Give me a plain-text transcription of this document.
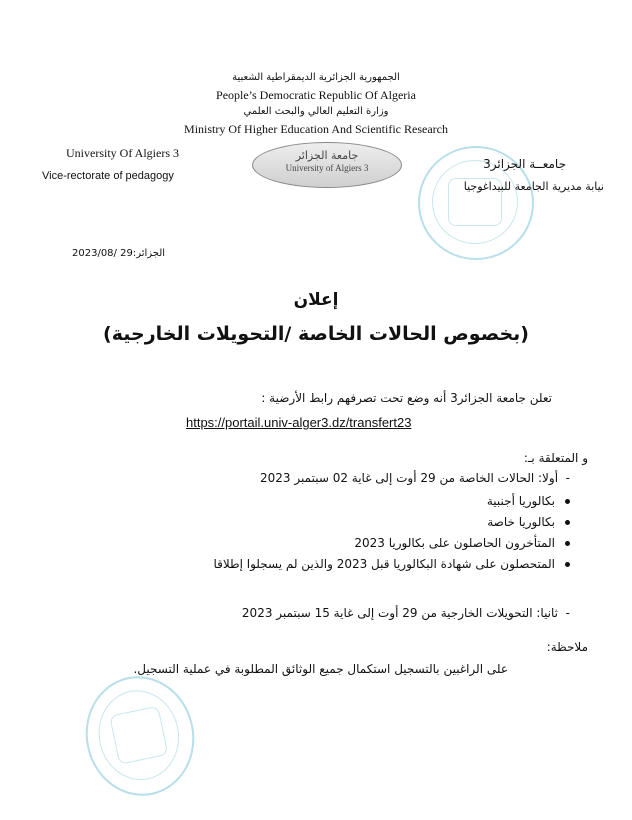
الجمهورية الجزائرية الديمقراطية الشعبية
People’s Democratic Republic Of Algeria
وزارة التعليم العالي والبحث العلمي
Ministry Of Higher Education And Scientific Research
University Of Algiers 3
Vice-rectorate of pedagogy
جامعة الجزائر
University of Algiers 3	جامعــة الجزائر3
نيابة مديرية الجامعة للبيداغوجيا
الجزائر:29 /2023/08
إعلان
(بخصوص الحالات الخاصة /التحويلات الخارجية)
تعلن جامعة الجزائر3 أنه وضع تحت تصرفهم رابط الأرضية :
https://portail.univ-alger3.dz/transfert23
و المتعلقة بـ:
-  أولا: الحالات الخاصة من 29 أوت إلى غاية 02 سبتمبر 2023
بكالوريا أجنبية
بكالوريا خاصة
المتأخرون الحاصلون على بكالوريا 2023
المتحصلون على شهادة البكالوريا قبل 2023 والذين لم يسجلوا إطلاقا
-  ثانيا: التحويلات الخارجية من 29 أوت إلى غاية 15 سبتمبر 2023
ملاحظة:
على الراغبين بالتسجيل استكمال جميع الوثائق المطلوبة في عملية التسجيل.
